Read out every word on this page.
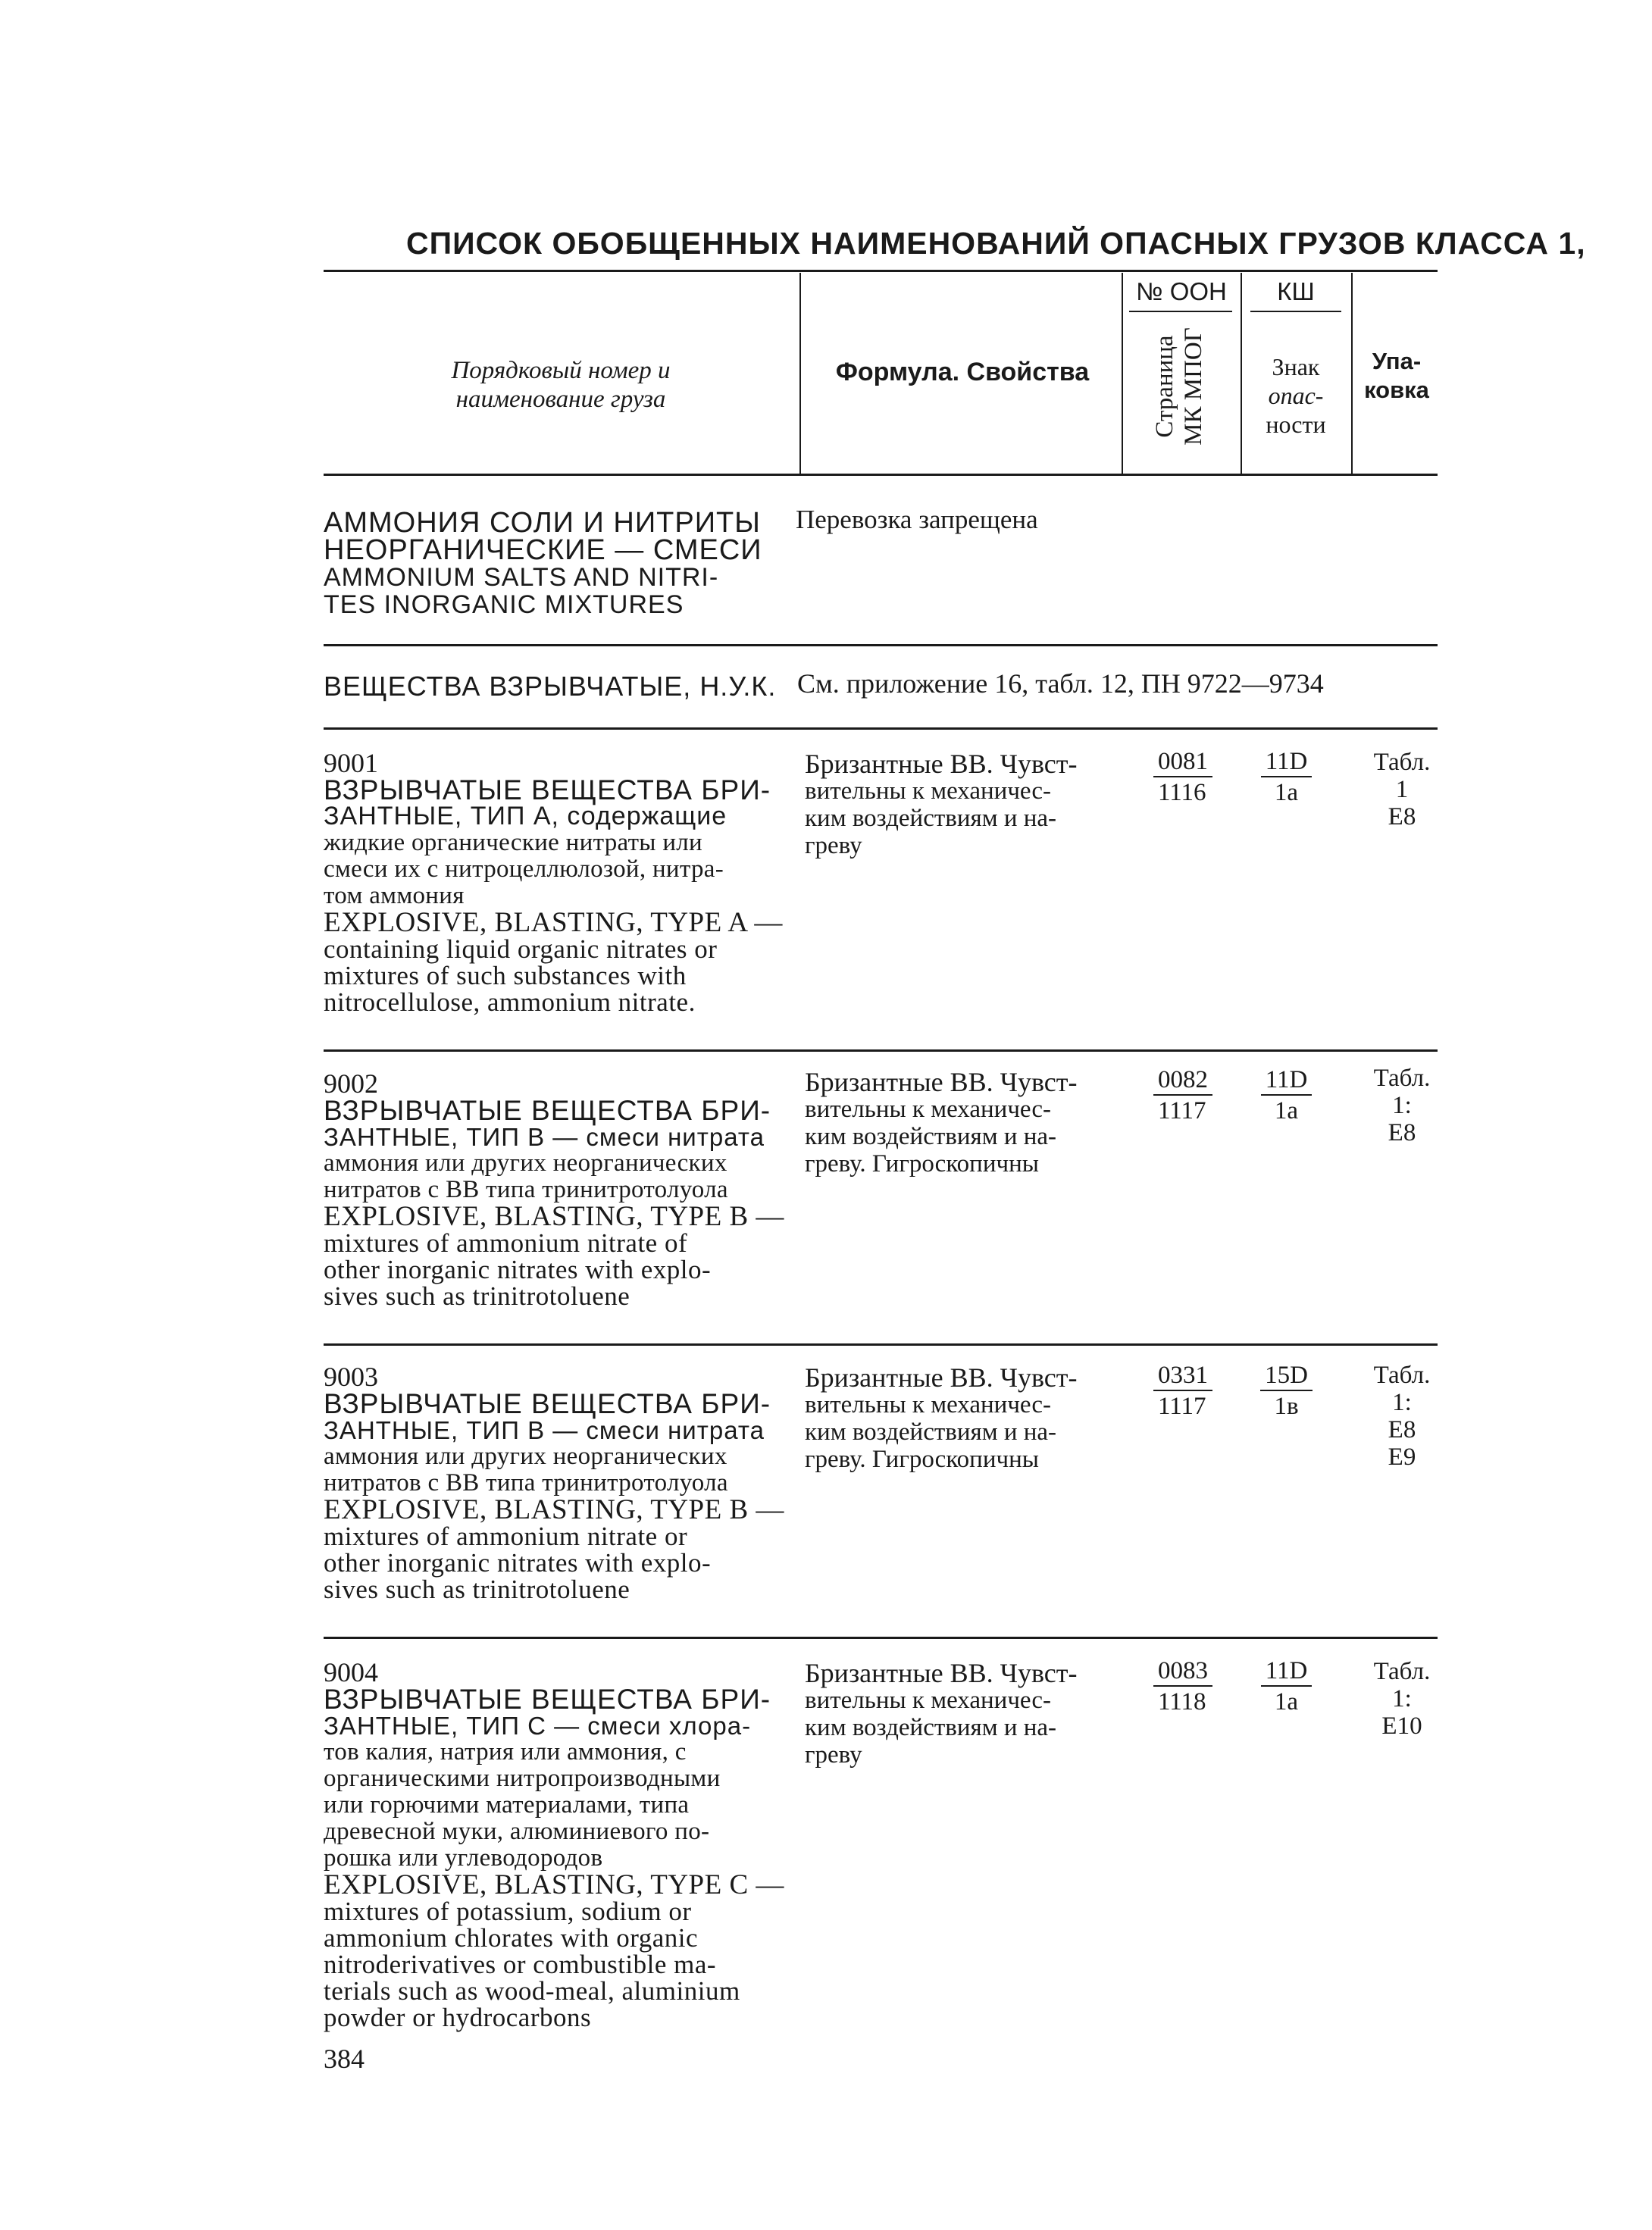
СПИСОК ОБОБЩЕННЫХ НАИМЕНОВАНИЙ ОПАСНЫХ ГРУЗОВ КЛАССА 1,
Порядковый номер и
наименование груза
Формула. Свойства
№ ООН
Страница МК МПОГ
КШ
Знак
опас-
ности
Упа-
ковка
АММОНИЯ СОЛИ И НИТРИТЫ
НЕОРГАНИЧЕСКИЕ — СМЕСИ
AMMONIUM SALTS AND NITRI-
TES INORGANIC MIXTURES
Перевозка запрещена
ВЕЩЕСТВА ВЗРЫВЧАТЫЕ, Н.У.К. См. приложение 16, табл. 12, ПН 9722—9734
9001
ВЗРЫВЧАТЫЕ ВЕЩЕСТВА БРИ-
ЗАНТНЫЕ, ТИП А, содержащие
жидкие органические нитраты или
смеси их с нитроцеллюлозой, нитра-
том аммония
EXPLOSIVE, BLASTING, TYPE A —
containing liquid organic nitrates or
mixtures of such substances with
nitrocellulose, ammonium nitrate.
Бризантные ВВ. Чувст-
вительны к механичес-
ким воздействиям и на-
греву
0081
1116
11D
1a
Табл.
1
E8
9002
ВЗРЫВЧАТЫЕ ВЕЩЕСТВА БРИ-
ЗАНТНЫЕ, ТИП В — смеси нитрата
аммония или других неорганических
нитратов с ВВ типа тринитротолуола
EXPLOSIVE, BLASTING, TYPE B —
mixtures of ammonium nitrate of
other inorganic nitrates with explo-
sives such as trinitrotoluene
Бризантные ВВ. Чувст-
вительны к механичес-
ким воздействиям и на-
греву. Гигроскопичны
0082
1117
11D
1a
Табл.
1:
E8
9003
ВЗРЫВЧАТЫЕ ВЕЩЕСТВА БРИ-
ЗАНТНЫЕ, ТИП В — смеси нитрата
аммония или других неорганических
нитратов с ВВ типа тринитротолуола
EXPLOSIVE, BLASTING, TYPE B —
mixtures of ammonium nitrate or
other inorganic nitrates with explo-
sives such as trinitrotoluene
Бризантные ВВ. Чувст-
вительны к механичес-
ким воздействиям и на-
греву. Гигроскопичны
0331
1117
15D
1в
Табл.
1:
E8
E9
9004
ВЗРЫВЧАТЫЕ ВЕЩЕСТВА БРИ-
ЗАНТНЫЕ, ТИП С — смеси хлора-
тов калия, натрия или аммония, с
органическими нитропроизводными
или горючими материалами, типа
древесной муки, алюминиевого по-
рошка или углеводородов
EXPLOSIVE, BLASTING, TYPE C —
mixtures of potassium, sodium or
ammonium chlorates with organic
nitroderivatives or combustible ma-
terials such as wood-meal, aluminium
powder or hydrocarbons
Бризантные ВВ. Чувст-
вительны к механичес-
ким воздействиям и на-
греву
0083
1118
11D
1a
Табл.
1:
E10
384
